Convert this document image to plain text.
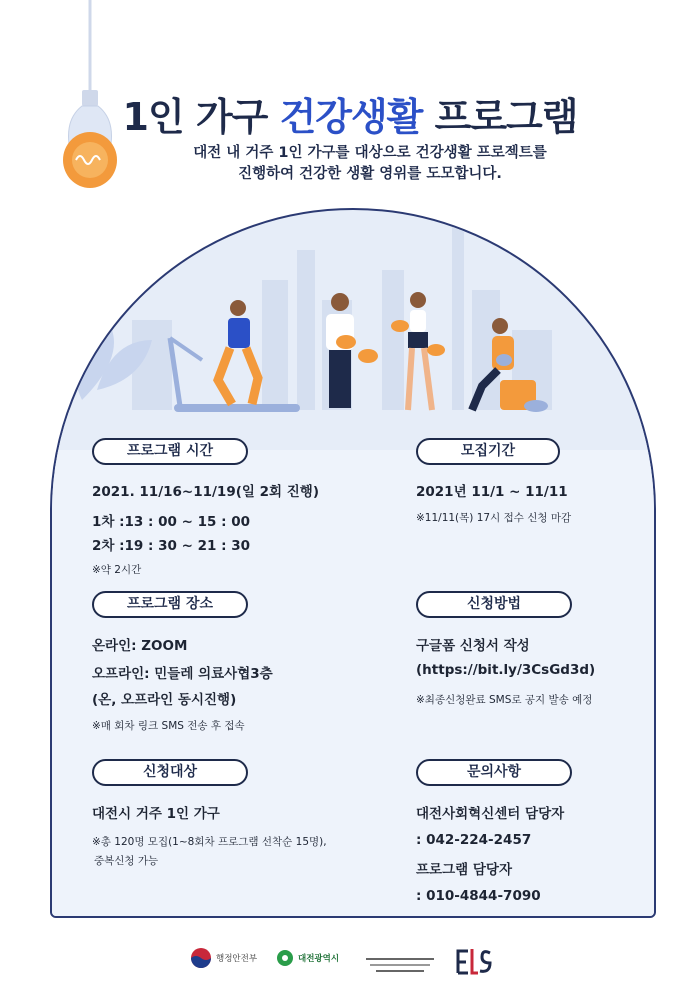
1인 가구 건강생활 프로그램
대전 내 거주 1인 가구를 대상으로 건강생활 프로젝트를
진행하여 건강한 생활 영위를 도모합니다.
프로그램 시간
2021. 11/16~11/19(일 2회 진행)
1차 :13 : 00 ~ 15 : 00
2차 :19 : 30 ~ 21 : 30
※약 2시간
모집기간
2021년 11/1 ~ 11/11
※11/11(목) 17시 접수 신청 마감
프로그램 장소
온라인: ZOOM
오프라인: 민들레 의료사협3층
(온, 오프라인 동시진행)
※매 회차 링크 SMS 전송 후 접속
신청방법
구글폼 신청서 작성
(https://bit.ly/3CsGd3d)
※최종신청완료 SMS로 공지 발송 예정
신청대상
대전시 거주 1인 가구
※총 120명 모집(1~8회차 프로그램 선착순 15명),
중복신청 가능
문의사항
대전사회혁신센터 담당자
: 042-224-2457
프로그램 담당자
: 010-4844-7090
행정안전부	대전광역시
